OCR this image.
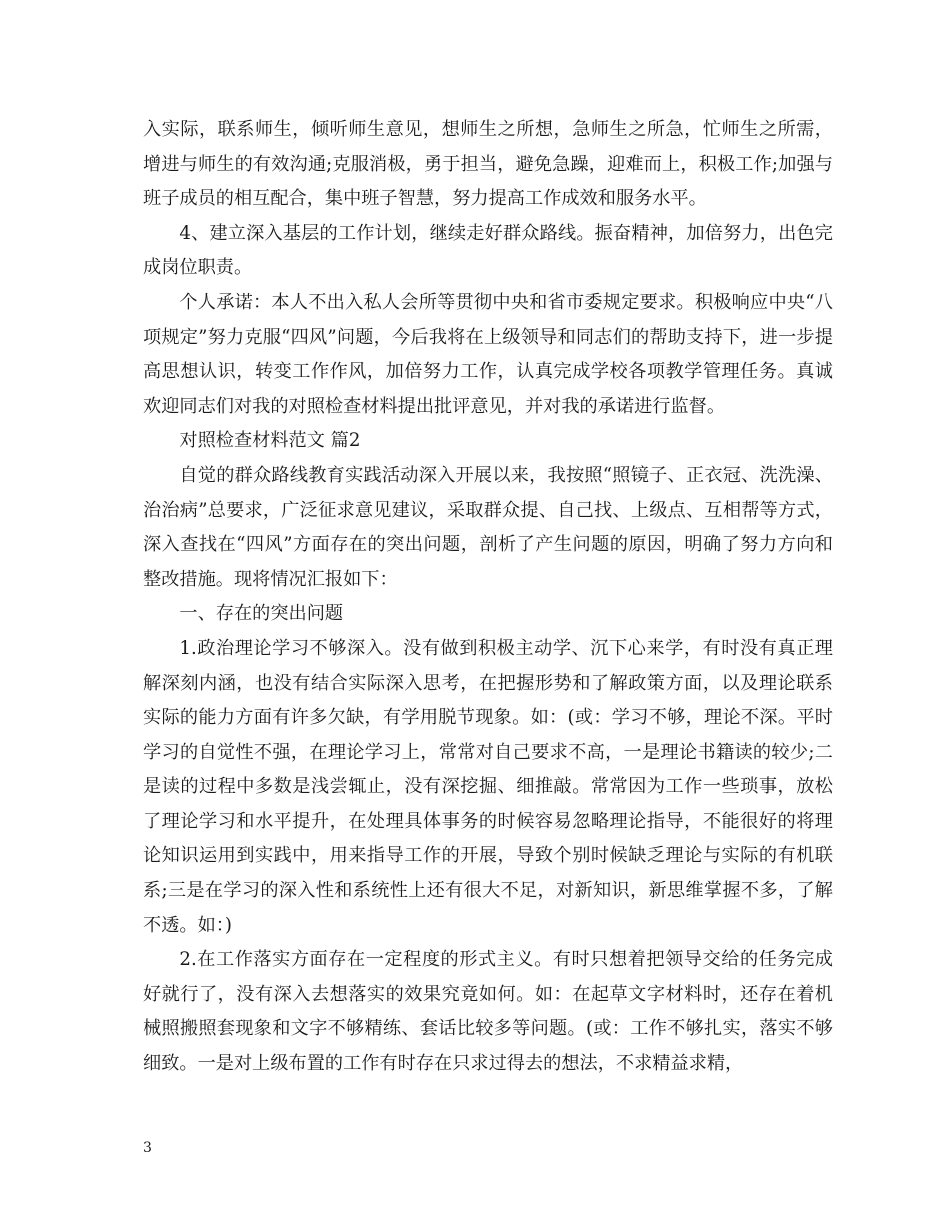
入实际，联系师生，倾听师生意见，想师生之所想，急师生之所急，忙师生之所需，增进与师生的有效沟通;克服消极，勇于担当，避免急躁，迎难而上，积极工作;加强与班子成员的相互配合，集中班子智慧，努力提高工作成效和服务水平。

4、建立深入基层的工作计划，继续走好群众路线。振奋精神，加倍努力，出色完成岗位职责。

个人承诺：本人不出入私人会所等贯彻中央和省市委规定要求。积极响应中央“八项规定”努力克服“四风”问题，今后我将在上级领导和同志们的帮助支持下，进一步提高思想认识，转变工作作风，加倍努力工作，认真完成学校各项教学管理任务。真诚欢迎同志们对我的对照检查材料提出批评意见，并对我的承诺进行监督。

对照检查材料范文 篇2

自觉的群众路线教育实践活动深入开展以来，我按照“照镜子、正衣冠、洗洗澡、治治病”总要求，广泛征求意见建议，采取群众提、自己找、上级点、互相帮等方式，深入查找在“四风”方面存在的突出问题，剖析了产生问题的原因，明确了努力方向和整改措施。现将情况汇报如下：

一、存在的突出问题

1.政治理论学习不够深入。没有做到积极主动学、沉下心来学，有时没有真正理解深刻内涵，也没有结合实际深入思考，在把握形势和了解政策方面，以及理论联系实际的能力方面有许多欠缺，有学用脱节现象。如：(或：学习不够，理论不深。平时学习的自觉性不强，在理论学习上，常常对自己要求不高，一是理论书籍读的较少;二是读的过程中多数是浅尝辄止，没有深挖掘、细推敲。常常因为工作一些琐事，放松了理论学习和水平提升，在处理具体事务的时候容易忽略理论指导，不能很好的将理论知识运用到实践中，用来指导工作的开展，导致个别时候缺乏理论与实际的有机联系;三是在学习的深入性和系统性上还有很大不足，对新知识，新思维掌握不多，了解不透。如：)

2.在工作落实方面存在一定程度的形式主义。有时只想着把领导交给的任务完成好就行了，没有深入去想落实的效果究竟如何。如：在起草文字材料时，还存在着机械照搬照套现象和文字不够精练、套话比较多等问题。(或：工作不够扎实，落实不够细致。一是对上级布置的工作有时存在只求过得去的想法，不求精益求精，

3
